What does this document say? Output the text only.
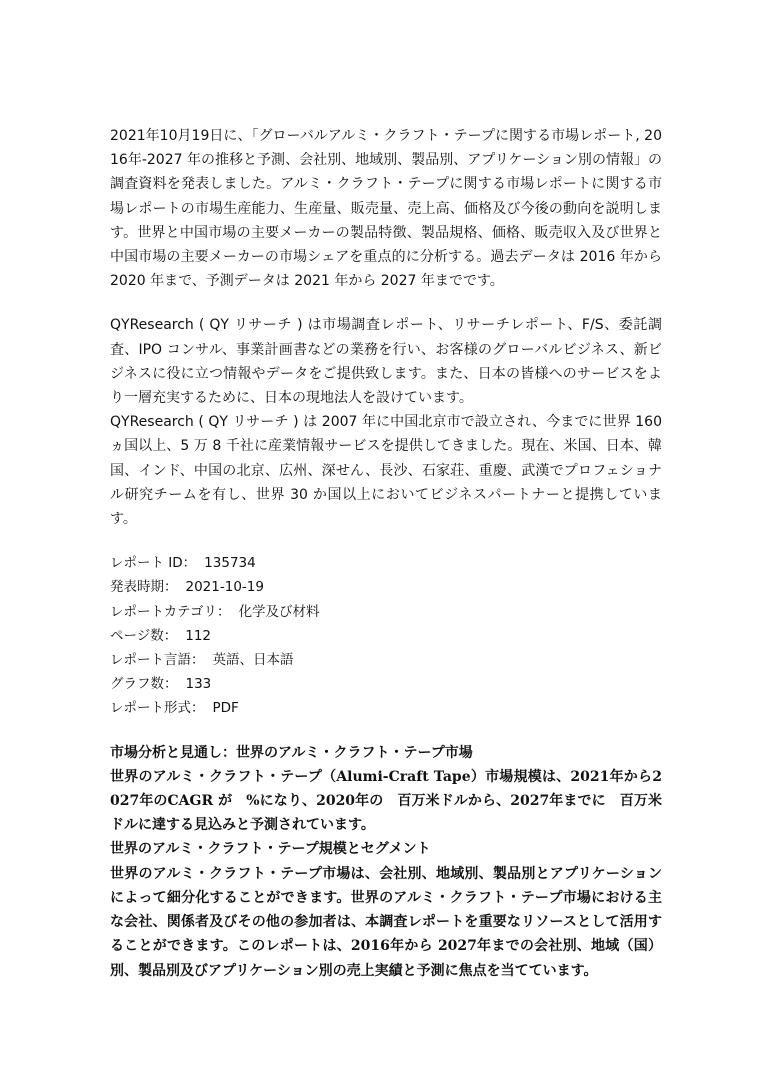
2021年10月19日に、「グローバルアルミ・クラフト・テープに関する市場レポート, 2016年-2027 年の推移と予測、会社別、地域別、製品別、アプリケーション別の情報」の調査資料を発表しました。アルミ・クラフト・テープに関する市場レポートに関する市場レポートの市場生産能力、生産量、販売量、売上高、価格及び今後の動向を説明します。世界と中国市場の主要メーカーの製品特徴、製品規格、価格、販売収入及び世界と中国市場の主要メーカーの市場シェアを重点的に分析する。過去データは 2016 年から 2020 年まで、予測データは 2021 年から 2027 年までです。

QYResearch ( QY リサーチ ) は市場調査レポート、リサーチレポート、F/S、委託調査、IPO コンサル、事業計画書などの業務を行い、お客様のグローバルビジネス、新ビジネスに役に立つ情報やデータをご提供致します。また、日本の皆様へのサービスをより一層充実するために、日本の現地法人を設けています。

QYResearch ( QY リサーチ ) は 2007 年に中国北京市で設立され、今までに世界 160 ヵ国以上、5 万 8 千社に産業情報サービスを提供してきました。現在、米国、日本、韓国、インド、中国の北京、広州、深せん、長沙、石家荘、重慶、武漢でプロフェショナル研究チームを有し、世界 30 か国以上においてビジネスパートナーと提携しています。

レポート ID： 135734

発表時期： 2021-10-19

レポートカテゴリ： 化学及び材料

ページ数： 112

レポート言語： 英語、日本語

グラフ数： 133

レポート形式： PDF

市場分析と見通し：世界のアルミ・クラフト・テープ市場

世界のアルミ・クラフト・テープ（Alumi-Craft Tape）市場規模は、2021年から2027年のCAGR が　%になり、2020年の　百万米ドルから、2027年までに　百万米ドルに達する見込みと予測されています。

世界のアルミ・クラフト・テープ規模とセグメント

世界のアルミ・クラフト・テープ市場は、会社別、地域別、製品別とアプリケーションによって細分化することができます。世界のアルミ・クラフト・テープ市場における主な会社、関係者及びその他の参加者は、本調査レポートを重要なリソースとして活用することができます。このレポートは、2016年から 2027年までの会社別、地域（国）別、製品別及びアプリケーション別の売上実績と予測に焦点を当てています。
